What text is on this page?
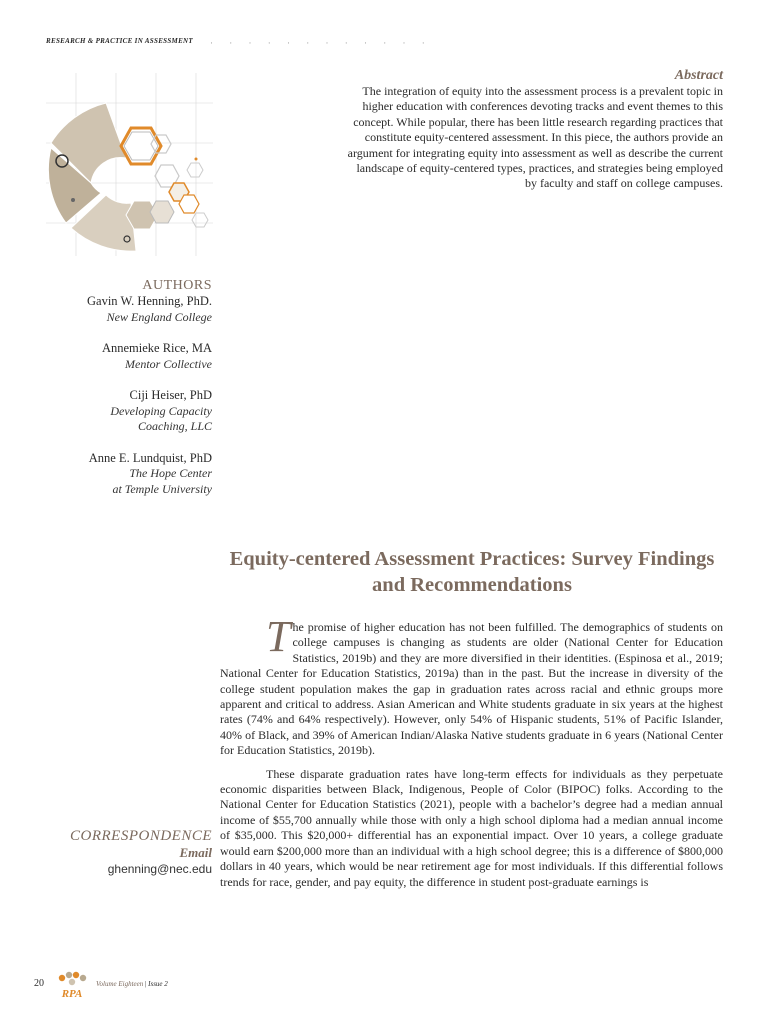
RESEARCH & PRACTICE IN ASSESSMENT · · · · · · · · · · · ·
Abstract

The integration of equity into the assessment process is a prevalent topic in higher education with conferences devoting tracks and event themes to this concept. While popular, there has been little research regarding practices that constitute equity-centered assessment. In this piece, the authors provide an argument for integrating equity into assessment as well as describe the current landscape of equity-centered types, practices, and strategies being employed by faculty and staff on college campuses.

AUTHORS
Gavin W. Henning, PhD.
New England College
Annemieke Rice, MA
Mentor Collective
Ciji Heiser, PhD
Developing Capacity
Coaching, LLC
Anne E. Lundquist, PhD
The Hope Center
at Temple University
Equity-centered Assessment Practices: Survey Findings and Recommendations

The promise of higher education has not been fulfilled. The demographics of students on college campuses is changing as students are older (National Center for Education Statistics, 2019b) and they are more diversified in their identities. (Espinosa et al., 2019; National Center for Education Statistics, 2019a) than in the past. But the increase in diversity of the college student population makes the gap in graduation rates across racial and ethnic groups more apparent and critical to address. Asian American and White students graduate in six years at the highest rates (74% and 64% respectively). However, only 54% of Hispanic students, 51% of Pacific Islander, 40% of Black, and 39% of American Indian/Alaska Native students graduate in 6 years (National Center for Education Statistics, 2019b).

These disparate graduation rates have long-term effects for individuals as they perpetuate economic disparities between Black, Indigenous, People of Color (BIPOC) folks. According to the National Center for Education Statistics (2021), people with a bachelor’s degree had a median annual income of $55,700 annually while those with only a high school diploma had a median annual income of $35,000. This $20,000+ differential has an exponential impact. Over 10 years, a college graduate would earn $200,000 more than an individual with a high school degree; this is a difference of $800,000 dollars in 40 years, which would be near retirement age for most individuals. If this differential follows trends for race, gender, and pay equity, the difference in student post-graduate earnings is

CORRESPONDENCE
Email
ghenning@nec.edu
20
RPA
Volume Eighteen | Issue 2
